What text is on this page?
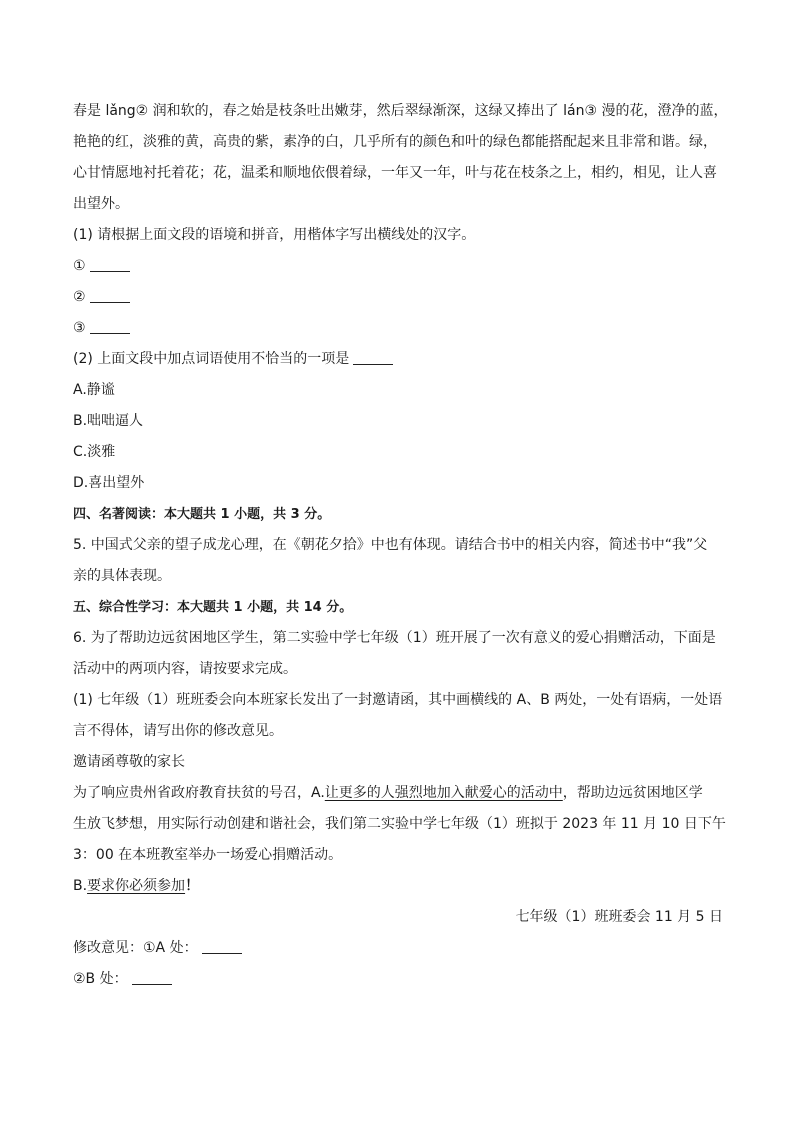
春是 lǎng② 润和软的，春之始是枝条吐出嫩芽，然后翠绿渐深，这绿又捧出了 lán③ 漫的花，澄净的蓝，
艳艳的红，淡雅的黄，高贵的紫，素净的白，几乎所有的颜色和叶的绿色都能搭配起来且非常和谐。绿，
心甘情愿地衬托着花；花，温柔和顺地依偎着绿，一年又一年，叶与花在枝条之上，相约，相见，让人喜
出望外。
(1) 请根据上面文段的语境和拼音，用楷体字写出横线处的汉字。
①
②
③
(2) 上面文段中加点词语使用不恰当的一项是
A.静谧
B.咄咄逼人
C.淡雅
D.喜出望外
四、名著阅读：本大题共 1 小题，共 3 分。
5. 中国式父亲的望子成龙心理，在《朝花夕拾》中也有体现。请结合书中的相关内容，简述书中“我”父
亲的具体表现。
五、综合性学习：本大题共 1 小题，共 14 分。
6. 为了帮助边远贫困地区学生，第二实验中学七年级（1）班开展了一次有意义的爱心捐赠活动，下面是
活动中的两项内容，请按要求完成。
(1) 七年级（1）班班委会向本班家长发出了一封邀请函，其中画横线的 A、B 两处，一处有语病，一处语
言不得体，请写出你的修改意见。
邀请函尊敬的家长
为了响应贵州省政府教育扶贫的号召，A.让更多的人强烈地加入献爱心的活动中，帮助边远贫困地区学
生放飞梦想，用实际行动创建和谐社会，我们第二实验中学七年级（1）班拟于 2023 年 11 月 10 日下午
3：00 在本班教室举办一场爱心捐赠活动。
B.要求你必须参加！
七年级（1）班班委会 11 月 5 日
修改意见：①A 处：
②B 处：
